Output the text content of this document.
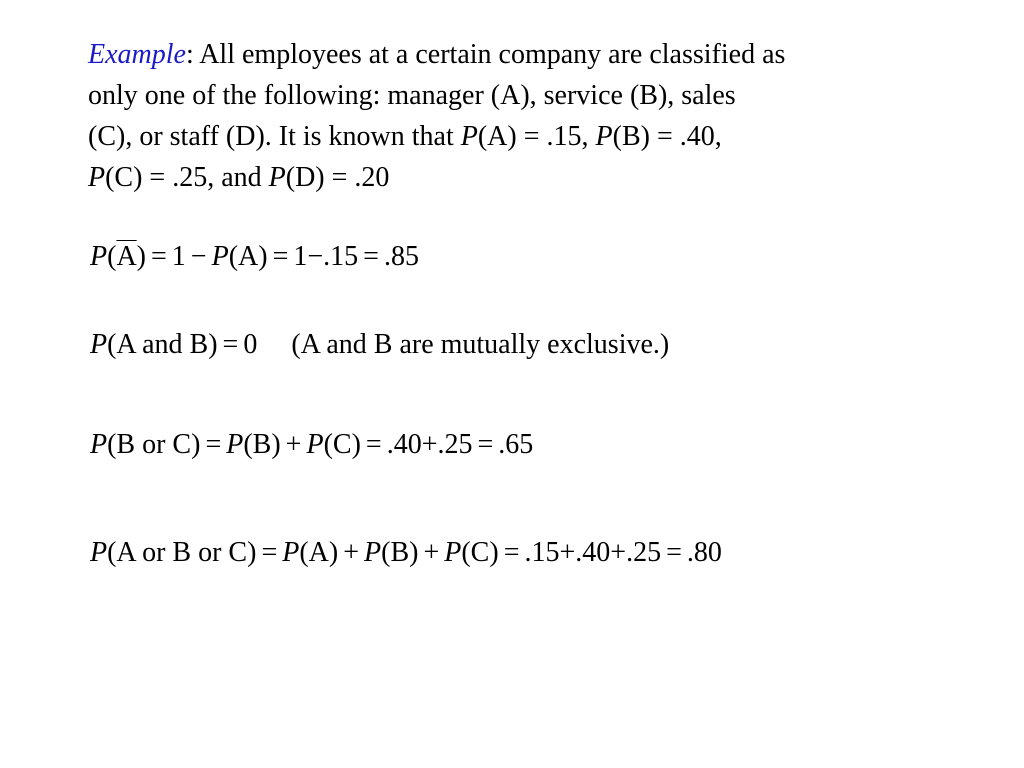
Example: All employees at a certain company are classified as
only one of the following: manager (A), service (B), sales
(C), or staff (D). It is known that P(A) = .15, P(B) = .40,
P(C) = .25, and P(D) = .20
$P(\overline{A}) = 1 - P(A) = 1-.15 = .85$
P(A and B) = 0 (A and B are mutually exclusive.)
P(B or C) = P(B) + P(C) = .40+.25 = .65
P(A or B or C) = P(A) + P(B) + P(C) = .15+.40+.25 = .80
